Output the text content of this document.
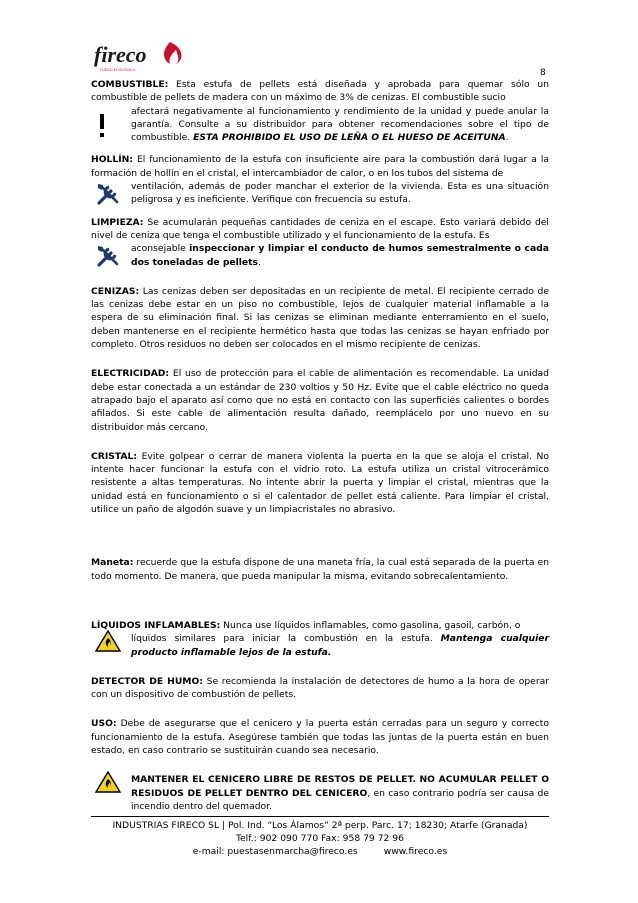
fireco
FUEGO ECOLÓGICO	8
COMBUSTIBLE: Esta estufa de pellets está diseñada y aprobada para quemar sólo un combustible de pellets de madera con un máximo de 3% de cenizas. El combustible sucio
afectará negativamente al funcionamiento y rendimiento de la unidad y puede anular la garantía. Consulte a su distribuidor para obtener recomendaciones sobre el tipo de combustible. ESTA PROHIBIDO EL USO DE LEÑA O EL HUESO DE ACEITUNA.
HOLLÍN: El funcionamiento de la estufa con insuficiente aire para la combustión dará lugar a la formación de hollín en el cristal, el intercambiador de calor, o en los tubos del sistema de
ventilación, además de poder manchar el exterior de la vivienda. Esta es una situación peligrosa y es ineficiente. Verifique con frecuencia su estufa.
LIMPIEZA: Se acumularán pequeñas cantidades de ceniza en el escape. Esto variará debido del nivel de ceniza que tenga el combustible utilizado y el funcionamiento de la estufa. Es
aconsejable inspeccionar y limpiar el conducto de humos semestralmente o cada dos toneladas de pellets.
CENIZAS: Las cenizas deben ser depositadas en un recipiente de metal. El recipiente cerrado de las cenizas debe estar en un piso no combustible, lejos de cualquier material inflamable a la espera de su eliminación final. Si las cenizas se eliminan mediante enterramiento en el suelo, deben mantenerse en el recipiente hermético hasta que todas las cenizas se hayan enfriado por completo. Otros residuos no deben ser colocados en el mismo recipiente de cenizas.
ELECTRICIDAD: El uso de protección para el cable de alimentación es recomendable. La unidad debe estar conectada a un estándar de 230 voltios y 50 Hz. Evite que el cable eléctrico no queda atrapado bajo el aparato así como que no está en contacto con las superficies calientes o bordes afilados. Si este cable de alimentación resulta dañado, reemplácelo por uno nuevo en su distribuidor más cercano.
CRISTAL: Evite golpear o cerrar de manera violenta la puerta en la que se aloja el cristal. No intente hacer funcionar la estufa con el vidrio roto. La estufa utiliza un cristal vitrocerámico resistente a altas temperaturas. No intente abrir la puerta y limpiar el cristal, mientras que la unidad está en funcionamiento o si el calentador de pellet está caliente. Para limpiar el cristal, utilice un paño de algodón suave y un limpiacristales no abrasivo.
Maneta: recuerde que la estufa dispone de una maneta fría, la cual está separada de la puerta en todo momento. De manera, que pueda manipular la misma, evitando sobrecalentamiento.
LÍQUIDOS INFLAMABLES: Nunca use líquidos inflamables, como gasolina, gasoil, carbón, o
líquidos similares para iniciar la combustión en la estufa. Mantenga cualquier producto inflamable lejos de la estufa.
DETECTOR DE HUMO: Se recomienda la instalación de detectores de humo a la hora de operar con un dispositivo de combustión de pellets.
USO: Debe de asegurarse que el cenicero y la puerta están cerradas para un seguro y correcto funcionamiento de la estufa. Asegúrese también que todas las juntas de la puerta están en buen estado, en caso contrario se sustituirán cuando sea necesario.
MANTENER EL CENICERO LIBRE DE RESTOS DE PELLET. NO ACUMULAR PELLET O RESIDUOS DE PELLET DENTRO DEL CENICERO, en caso contrario podría ser causa de incendio dentro del quemador.
INDUSTRIAS FIRECO SL | Pol. Ind. “Los Álamos” 2ª perp. Parc. 17; 18230; Atarfe (Granada)
Telf.: 902 090 770 Fax: 958 79 72 96
e-mail: puestasenmarcha@fireco.es	www.fireco.es
